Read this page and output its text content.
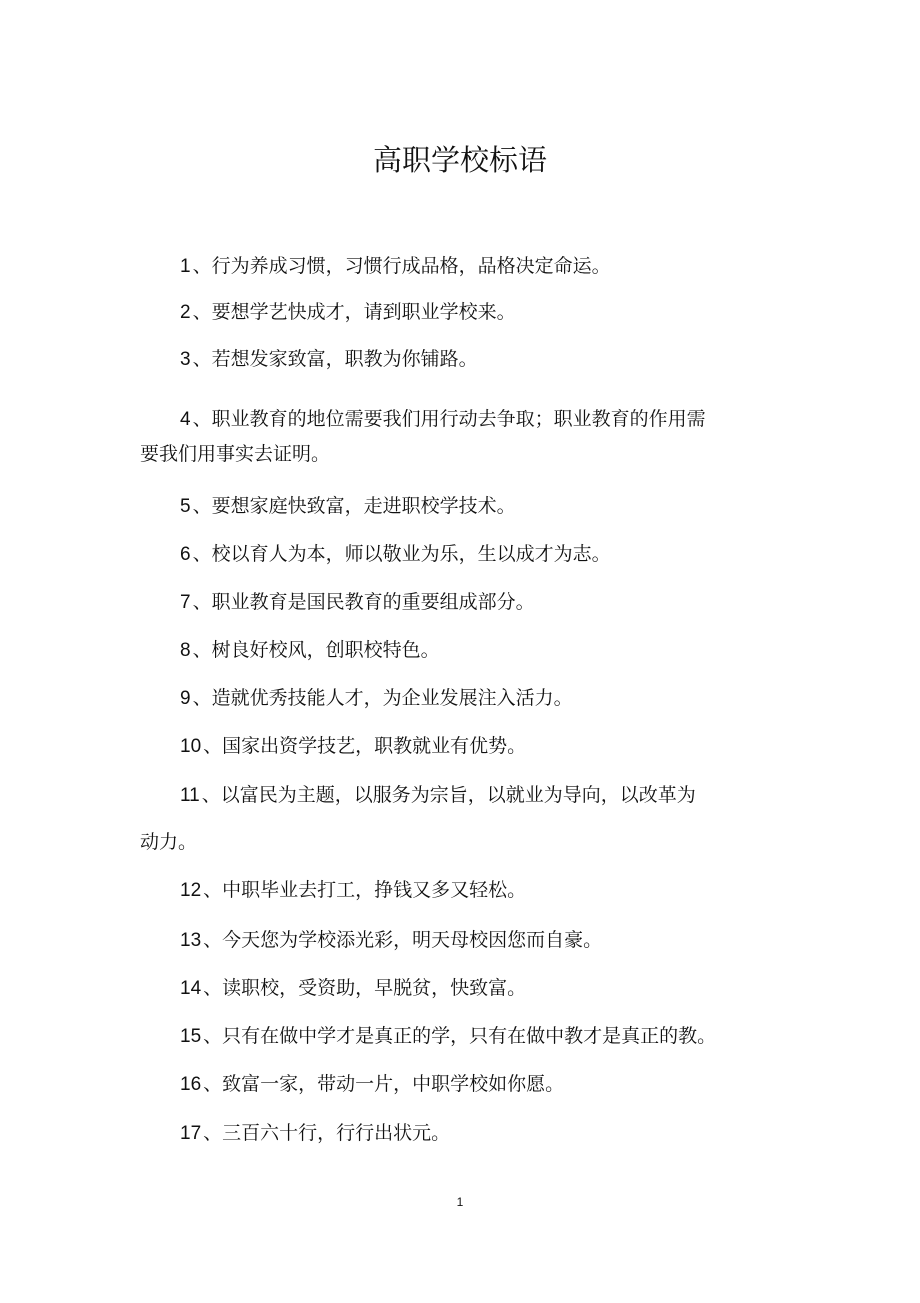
高职学校标语
1 、行为养成习惯，习惯行成品格，品格决定命运。
2 、要想学艺快成才，请到职业学校来。
3 、若想发家致富，职教为你铺路。
4 、职业教育的地位需要我们用行动去争取；职业教育的作用需
要我们用事实去证明。
5 、要想家庭快致富，走进职校学技术。
6 、校以育人为本，师以敬业为乐，生以成才为志。
7 、职业教育是国民教育的重要组成部分。
8 、树良好校风，创职校特色。
9 、造就优秀技能人才，为企业发展注入活力。
10 、国家出资学技艺，职教就业有优势。
11 、以富民为主题，以服务为宗旨，以就业为导向，以改革为
动力。
12 、中职毕业去打工，挣钱又多又轻松。
13 、今天您为学校添光彩，明天母校因您而自豪。
14 、读职校，受资助，早脱贫，快致富。
15 、只有在做中学才是真正的学，只有在做中教才是真正的教。
16 、致富一家，带动一片，中职学校如你愿。
17 、三百六十行，行行出状元。
1
